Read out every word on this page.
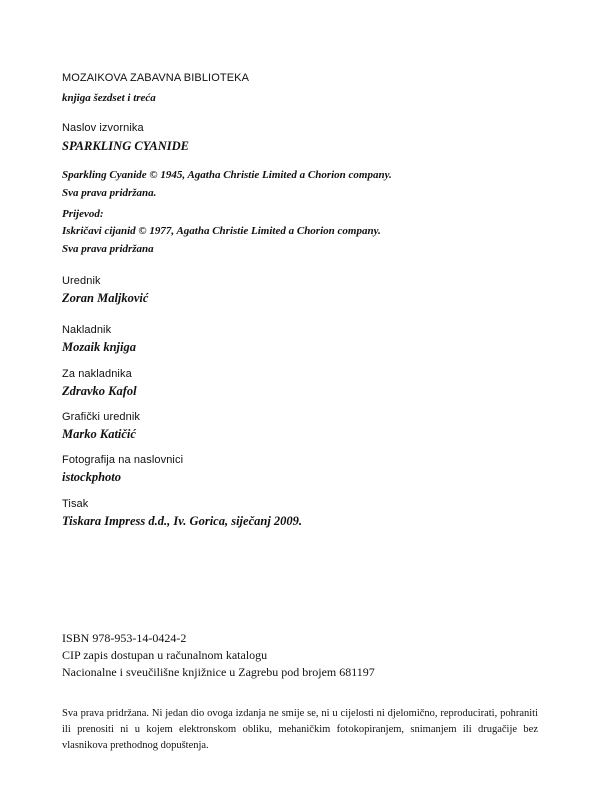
MOZAIKOVA ZABAVNA BIBLIOTEKA
knjiga šezdset i treća
Naslov izvornika
SPARKLING CYANIDE
Sparkling Cyanide © 1945, Agatha Christie Limited a Chorion company.
Sva prava pridržana.
Prijevod:
Iskričavi cijanid © 1977, Agatha Christie Limited a Chorion company.
Sva prava pridržana
Urednik
Zoran Maljković
Nakladnik
Mozaik knjiga
Za nakladnika
Zdravko Kafol
Grafički urednik
Marko Katičić
Fotografija na naslovnici
istockphoto
Tisak
Tiskara Impress d.d., Iv. Gorica, siječanj 2009.
ISBN 978-953-14-0424-2
CIP zapis dostupan u računalnom katalogu
Nacionalne i sveučilišne knjižnice u Zagrebu pod brojem 681197
Sva prava pridržana. Ni jedan dio ovoga izdanja ne smije se, ni u cijelosti ni djelomično, reproducirati, pohraniti ili prenositi ni u kojem elektronskom obliku, mehaničkim fotokopiranjem, snimanjem ili drugačije bez vlasnikova prethodnog dopuštenja.
